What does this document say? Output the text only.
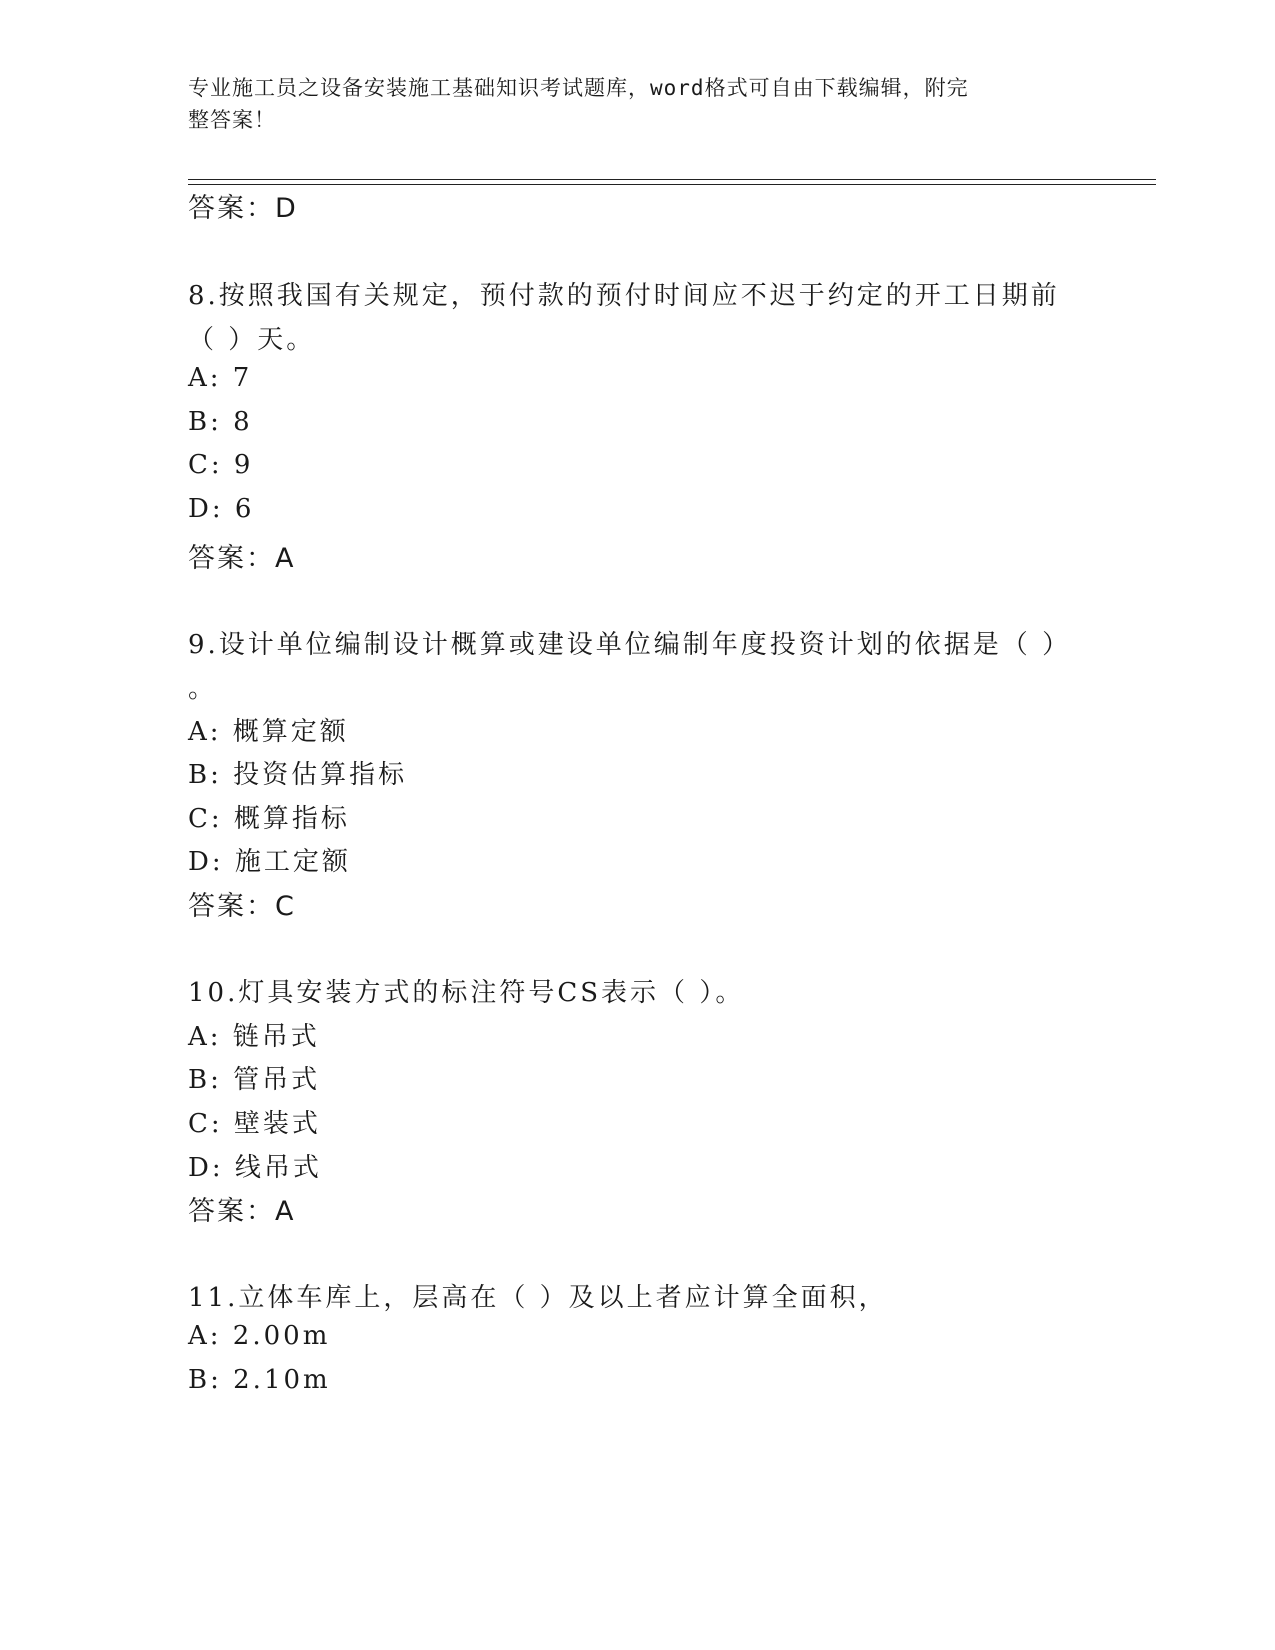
专业施工员之设备安装施工基础知识考试题库，word格式可自由下载编辑，附完
整答案！
答案：D
8.按照我国有关规定，预付款的预付时间应不迟于约定的开工日期前
（ ）天。
A: 7
B: 8
C: 9
D: 6
答案：A
9.设计单位编制设计概算或建设单位编制年度投资计划的依据是（ ）
。
A: 概算定额
B: 投资估算指标
C: 概算指标
D: 施工定额
答案：C
10.灯具安装方式的标注符号CS表示（ ）。
A: 链吊式
B: 管吊式
C: 壁装式
D: 线吊式
答案：A
11.立体车库上，层高在（ ）及以上者应计算全面积，
A: 2.00m
B: 2.10m
